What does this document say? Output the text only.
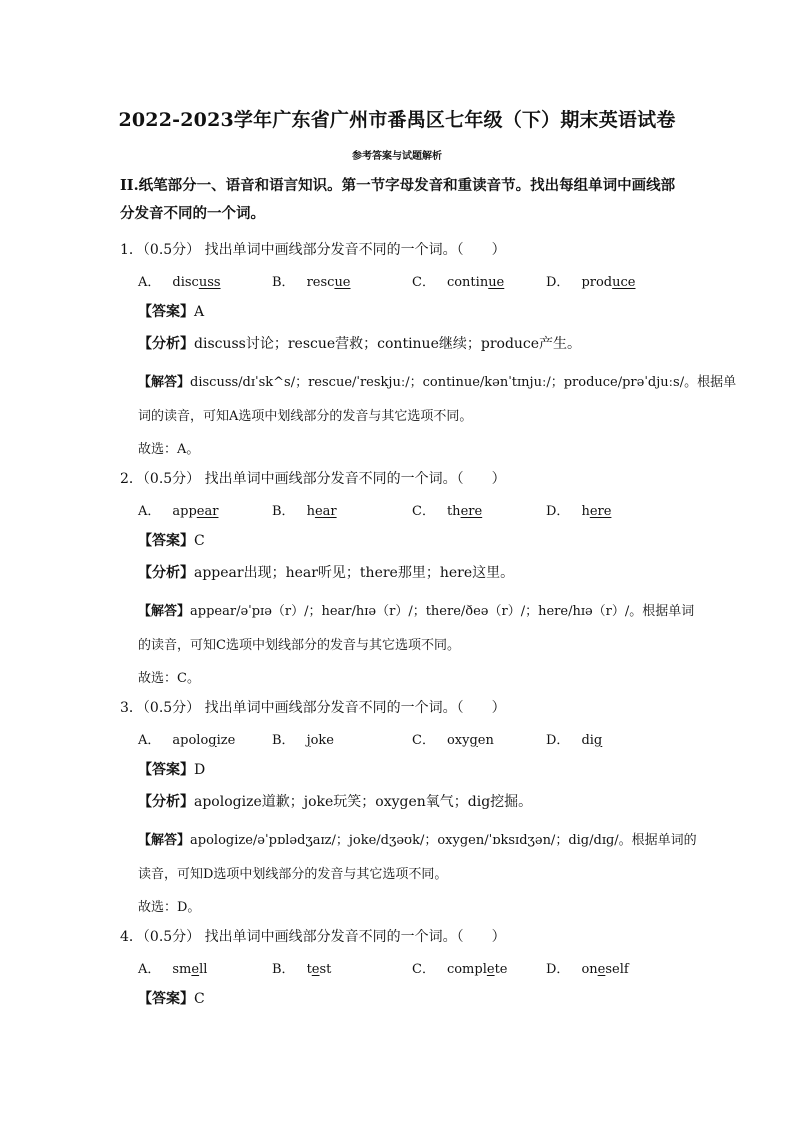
2022-2023学年广东省广州市番禺区七年级（下）期末英语试卷
参考答案与试题解析
II.纸笔部分一、语音和语言知识。第一节字母发音和重读音节。找出每组单词中画线部分发音不同的一个词。
1．（0.5分） 找出单词中画线部分发音不同的一个词。（　　）
A． discuss	B． rescue	C． continue	D． produce
【答案】A
【分析】discuss讨论；rescue营救；continue继续；produce产生。
【解答】discuss/dɪˈsk^s/；rescue/ˈreskjuː/；continue/kənˈtɪnjuː/；produce/prəˈdjuːs/。根据单
词的读音，可知A选项中划线部分的发音与其它选项不同。
故选：A。
2．（0.5分） 找出单词中画线部分发音不同的一个词。（　　）
A． appear	B． hear	C． there	D． here
【答案】C
【分析】appear出现；hear听见；there那里；here这里。
【解答】appear/əˈpɪə（r）/；hear/hɪə（r）/；there/ðeə（r）/；here/hɪə（r）/。根据单词
的读音，可知C选项中划线部分的发音与其它选项不同。
故选：C。
3．（0.5分） 找出单词中画线部分发音不同的一个词。（　　）
A． apologize	B． joke	C． oxygen	D． dig
【答案】D
【分析】apologize道歉；joke玩笑；oxygen氧气；dig挖掘。
【解答】apologize/əˈpɒlədʒaɪz/；joke/dʒəʊk/；oxygen/ˈɒksɪdʒən/；dig/dɪɡ/。根据单词的
读音，可知D选项中划线部分的发音与其它选项不同。
故选：D。
4．（0.5分） 找出单词中画线部分发音不同的一个词。（　　）
A． smell	B． test	C． complete	D． oneself
【答案】C
